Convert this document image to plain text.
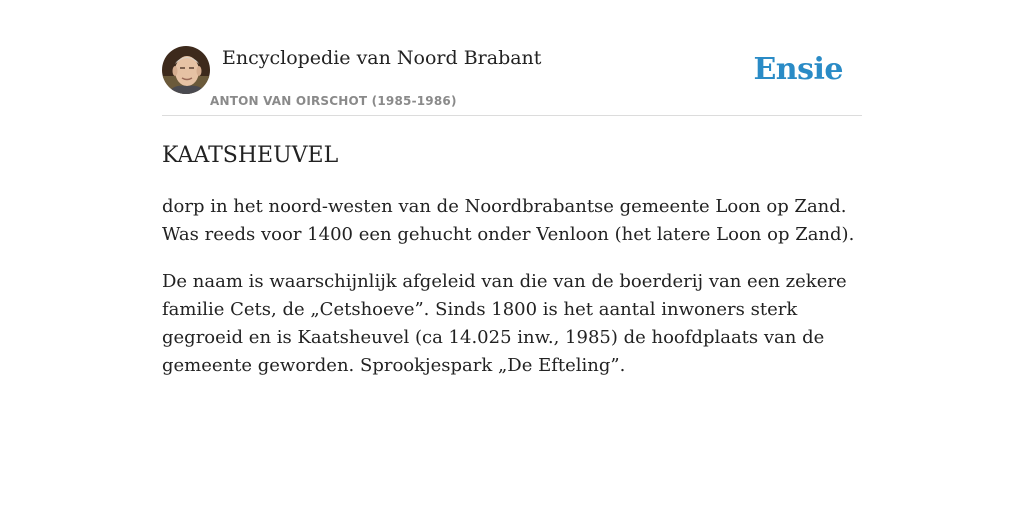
Encyclopedie van Noord Brabant
ANTON VAN OIRSCHOT (1985-1986)
Ensie
KAATSHEUVEL

dorp in het noord-westen van de Noordbrabantse gemeente Loon op Zand. Was reeds voor 1400 een gehucht onder Venloon (het latere Loon op Zand).

De naam is waarschijnlijk afgeleid van die van de boerderij van een zekere familie Cets, de „Cetshoeve”. Sinds 1800 is het aantal inwoners sterk gegroeid en is Kaatsheuvel (ca 14.025 inw., 1985) de hoofdplaats van de gemeente geworden. Sprookjespark „De Efteling”.
